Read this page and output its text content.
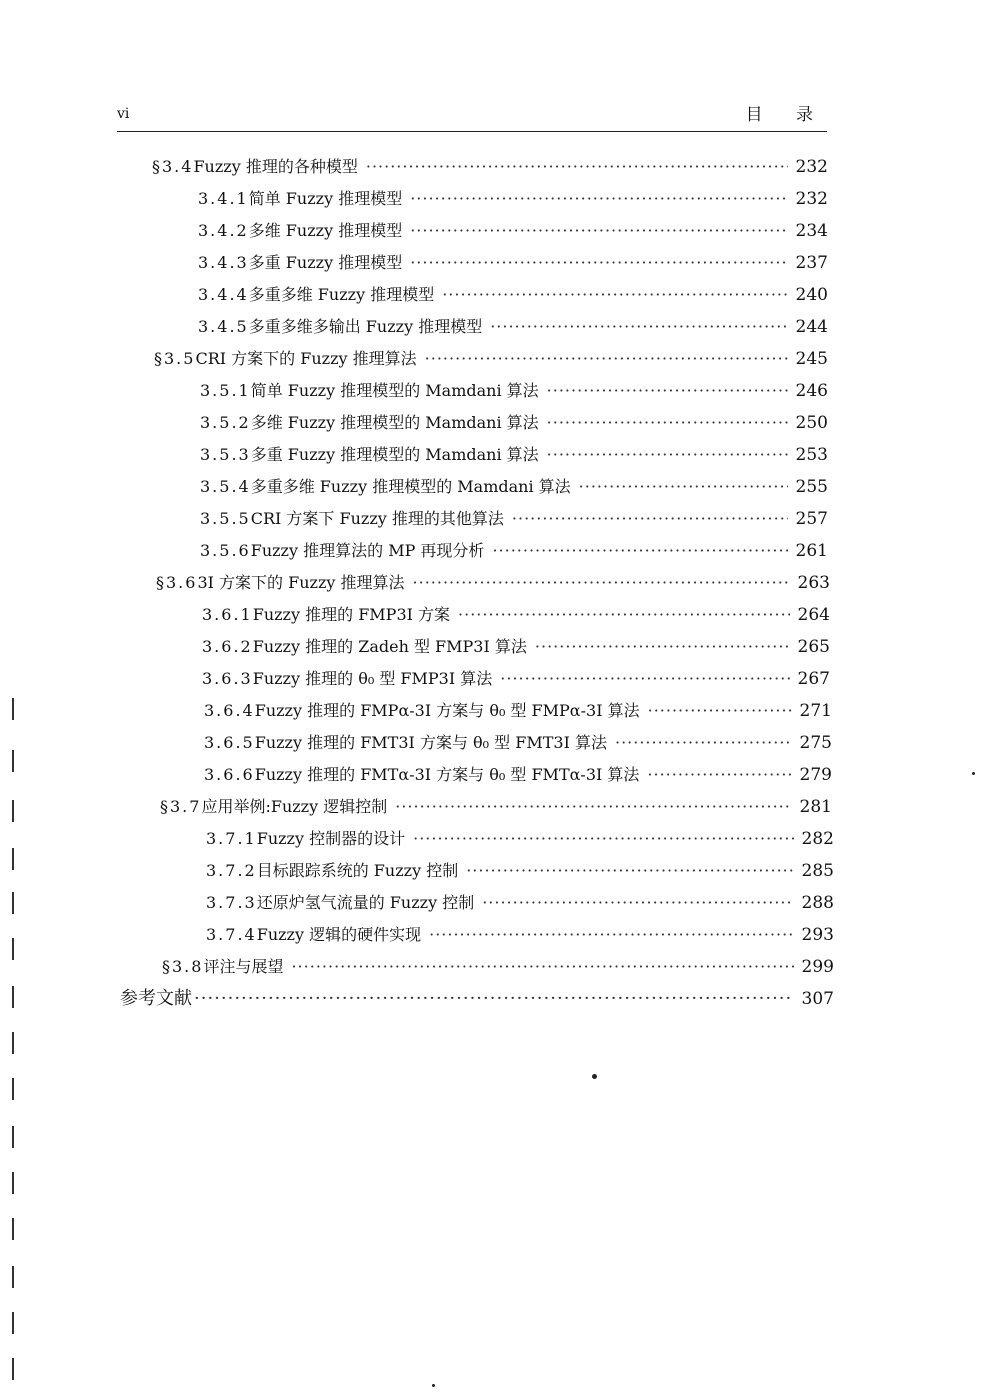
vi	目 录
§3.4 Fuzzy 推理的各种模型 ·····	232
3.4.1 简单 Fuzzy 推理模型 ·····	232
3.4.2 多维 Fuzzy 推理模型 ·····	234
3.4.3 多重 Fuzzy 推理模型 ·····	237
3.4.4 多重多维 Fuzzy 推理模型 ·····	240
3.4.5 多重多维多输出 Fuzzy 推理模型 ·····	244
§3.5 CRI 方案下的 Fuzzy 推理算法 ·····	245
3.5.1 简单 Fuzzy 推理模型的 Mamdani 算法 ·····	246
3.5.2 多维 Fuzzy 推理模型的 Mamdani 算法 ·····	250
3.5.3 多重 Fuzzy 推理模型的 Mamdani 算法 ·····	253
3.5.4 多重多维 Fuzzy 推理模型的 Mamdani 算法 ·····	255
3.5.5 CRI 方案下 Fuzzy 推理的其他算法 ·····	257
3.5.6 Fuzzy 推理算法的 MP 再现分析 ·····	261
§3.6 3I 方案下的 Fuzzy 推理算法 ·····	263
3.6.1 Fuzzy 推理的 FMP3I 方案 ·····	264
3.6.2 Fuzzy 推理的 Zadeh 型 FMP3I 算法 ·····	265
3.6.3 Fuzzy 推理的 θ₀ 型 FMP3I 算法 ·····	267
3.6.4 Fuzzy 推理的 FMPα-3I 方案与 θ₀ 型 FMPα-3I 算法 ·····	271
3.6.5 Fuzzy 推理的 FMT3I 方案与 θ₀ 型 FMT3I 算法 ·····	275
3.6.6 Fuzzy 推理的 FMTα-3I 方案与 θ₀ 型 FMTα-3I 算法 ·····	279
§3.7 应用举例:Fuzzy 逻辑控制 ·····	281
3.7.1 Fuzzy 控制器的设计 ·····	282
3.7.2 目标跟踪系统的 Fuzzy 控制 ·····	285
3.7.3 还原炉氢气流量的 Fuzzy 控制 ·····	288
3.7.4 Fuzzy 逻辑的硬件实现 ·····	293
§3.8 评注与展望 ·····	299
参考文献 ·····	307
